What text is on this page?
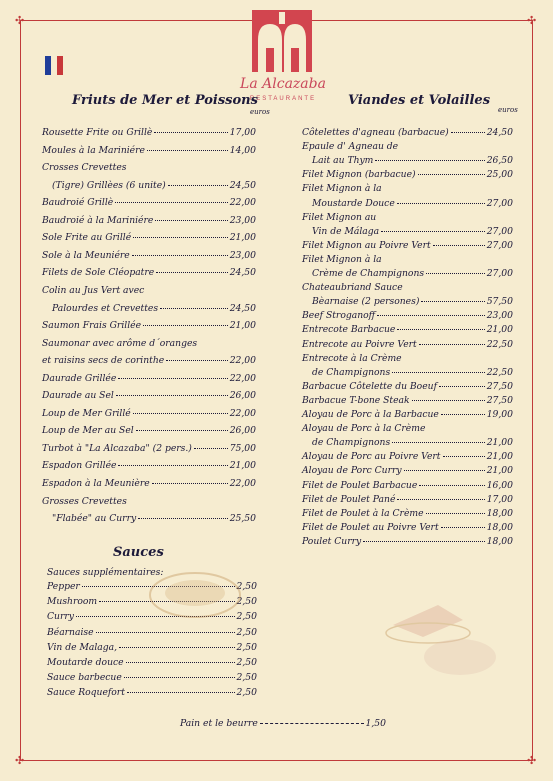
✣	✣
✣	✣
La Alcazaba
RESTAURANTE
Friuts de Mer et Poissons
euros
Viandes et Volailles
euros
Rousette Frite ou Grillè	17,00
Moules à la Mariniére	14,00
Crosses Crevettes
(Tigre) Grillèes (6 unite)	24,50
Baudroié Grillè	22,00
Baudroié à la Mariniére	23,00
Sole Frite au Grillé	21,00
Sole à la Meuniére	23,00
Filets de Sole Cléopatre	24,50
Colin au Jus Vert avec
Palourdes et Crevettes	24,50
Saumon Frais Grillée	21,00
Saumonar avec arôme d´oranges
et raisins secs de corinthe	22,00
Daurade Grillée	22,00
Daurade au Sel	26,00
Loup de Mer Grillé	22,00
Loup de Mer au Sel	26,00
Turbot à "La Alcazaba" (2 pers.)	75,00
Espadon Grillée	21,00
Espadon à la Meunière	22,00
Grosses Crevettes
"Flabée" au Curry	25,50
Côtelettes d'agneau (barbacue)	24,50
Epaule d' Agneau de
Lait au Thym	26,50
Filet Mignon (barbacue)	25,00
Filet Mignon à la
Moustarde Douce	27,00
Filet Mignon au
Vin de Málaga	27,00
Filet Mignon au Poivre Vert	27,00
Filet Mignon à la
Crème de Champignons	27,00
Chateaubriand Sauce
Bèarnaise (2 persones)	57,50
Beef Stroganoff	23,00
Entrecote Barbacue	21,00
Entrecote au Poivre Vert	22,50
Entrecote à la Crème
de Champignons	22,50
Barbacue Côtelette du Boeuf	27,50
Barbacue T-bone Steak	27,50
Aloyau de Porc à la Barbacue	19,00
Aloyau de Porc à la Crème
de Champignons	21,00
Aloyau de Porc au Poivre Vert	21,00
Aloyau de Porc Curry	21,00
Filet de Poulet Barbacue	16,00
Filet de Poulet Pané	17,00
Filet de Poulet à la Crème	18,00
Filet de Poulet au Poivre Vert	18,00
Poulet Curry	18,00
Sauces
Sauces supplémentaires:
Pepper	2,50
Mushroom	2,50
Curry	2,50
Béarnaise	2,50
Vin de Malaga,	2,50
Moutarde douce	2,50
Sauce barbecue	2,50
Sauce Roquefort	2,50
Pain et le beurre	1,50
